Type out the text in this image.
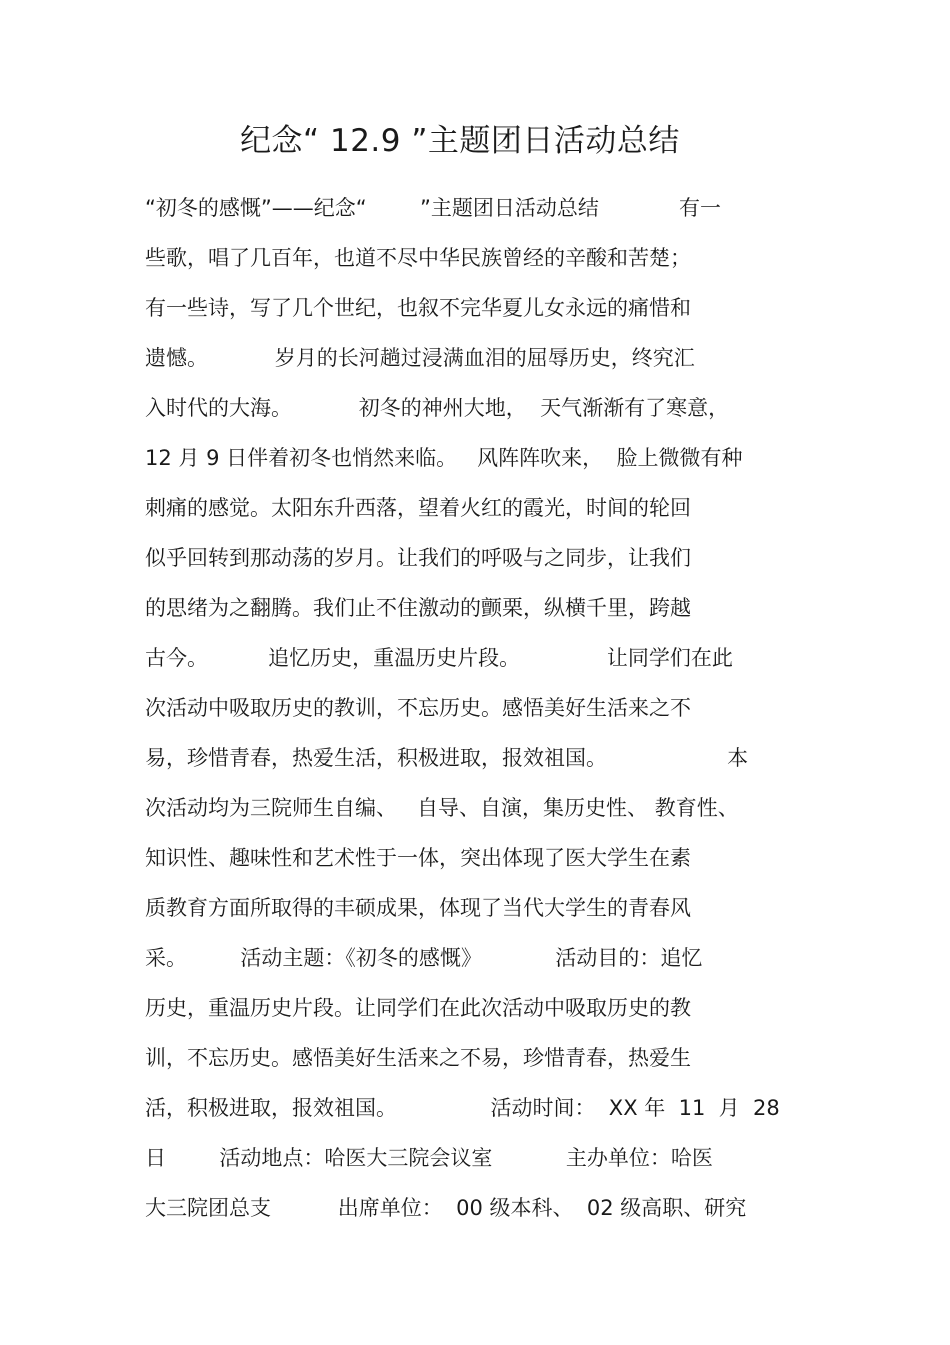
纪念“ 12.9 ”主题团日活动总结
“初冬的感慨”——纪念“        ”主题团日活动总结            有一
些歌，唱了几百年，也道不尽中华民族曾经的辛酸和苦楚；
有一些诗，写了几个世纪，也叙不完华夏儿女永远的痛惜和
遗憾。          岁月的长河趟过浸满血泪的屈辱历史，终究汇
入时代的大海。          初冬的神州大地，  天气渐渐有了寒意，
12 月 9 日伴着初冬也悄然来临。   风阵阵吹来，  脸上微微有种
刺痛的感觉。太阳东升西落，望着火红的霞光，时间的轮回
似乎回转到那动荡的岁月。让我们的呼吸与之同步，让我们
的思绪为之翻腾。我们止不住激动的颤栗，纵横千里，跨越
古今。         追忆历史，重温历史片段。             让同学们在此
次活动中吸取历史的教训，不忘历史。感悟美好生活来之不
易，珍惜青春，热爱生活，积极进取，报效祖国。                  本
次活动均为三院师生自编、   自导、自演，集历史性、 教育性、
知识性、趣味性和艺术性于一体，突出体现了医大学生在素
质教育方面所取得的丰硕成果，体现了当代大学生的青春风
采。        活动主题：《初冬的感慨》           活动目的：追忆
历史，重温历史片段。让同学们在此次活动中吸取历史的教
训，不忘历史。感悟美好生活来之不易，珍惜青春，热爱生
活，积极进取，报效祖国。              活动时间：  XX 年  11  月  28
日        活动地点：哈医大三院会议室           主办单位：哈医
大三院团总支          出席单位：  00 级本科、  02 级高职、研究
